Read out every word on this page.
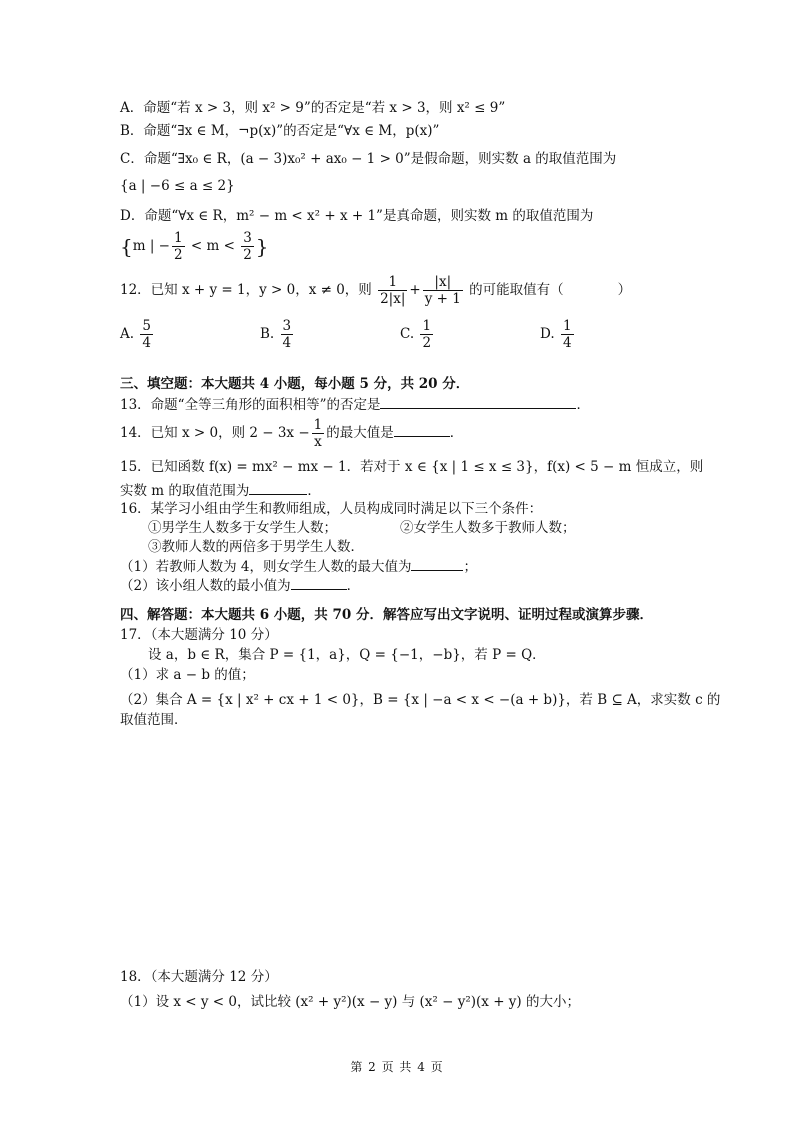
A．命题“若 x > 3，则 x² > 9”的否定是“若 x > 3，则 x² ≤ 9”
B．命题“∃x ∈ M，¬p(x)”的否定是“∀x ∈ M，p(x)”
C．命题“∃x₀ ∈ R，(a − 3)x₀² + ax₀ − 1 > 0”是假命题，则实数 a 的取值范围为
{a | −6 ≤ a ≤ 2}
D．命题“∀x ∈ R，m² − m < x² + x + 1”是真命题，则实数 m 的取值范围为
{m | − $\frac{1}{2} < m < \frac{3}{2}$ }
12．已知 x + y = 1，y > 0，x ≠ 0，则 $\frac{1}{2|x|} + \frac{|x|}{y + 1}$ 的可能取值有（　　　　）
A. $\frac{5}{4}$	B. $\frac{3}{4}$	C. $\frac{1}{2}$	D. $\frac{1}{4}$
三、填空题：本大题共 4 小题，每小题 5 分，共 20 分．
13．命题“全等三角形的面积相等”的否定是	．
14．已知 x > 0，则 $2 - 3x - \frac{1}{x}$ 的最大值是	．
15．已知函数 f(x) = mx² − mx − 1．若对于 x ∈ {x | 1 ≤ x ≤ 3}，f(x) < 5 − m 恒成立，则
实数 m 的取值范围为	．
16．某学习小组由学生和教师组成，人员构成同时满足以下三个条件：
①男学生人数多于女学生人数；	②女学生人数多于教师人数；
③教师人数的两倍多于男学生人数．
（1）若教师人数为 4，则女学生人数的最大值为	；
（2）该小组人数的最小值为	．
四、解答题：本大题共 6 小题，共 70 分．解答应写出文字说明、证明过程或演算步骤．
17．（本大题满分 10 分）
设 a，b ∈ R，集合 P = {1，a}，Q = {−1，−b}，若 P = Q．
（1）求 a − b 的值；
（2）集合 A = {x | x² + cx + 1 < 0}，B = {x | −a < x < −(a + b)}，若 B ⊆ A，求实数 c 的
取值范围．
18．（本大题满分 12 分）
（1）设 x < y < 0，试比较 (x² + y²)(x − y) 与 (x² − y²)(x + y) 的大小；
第 2 页 共 4 页
